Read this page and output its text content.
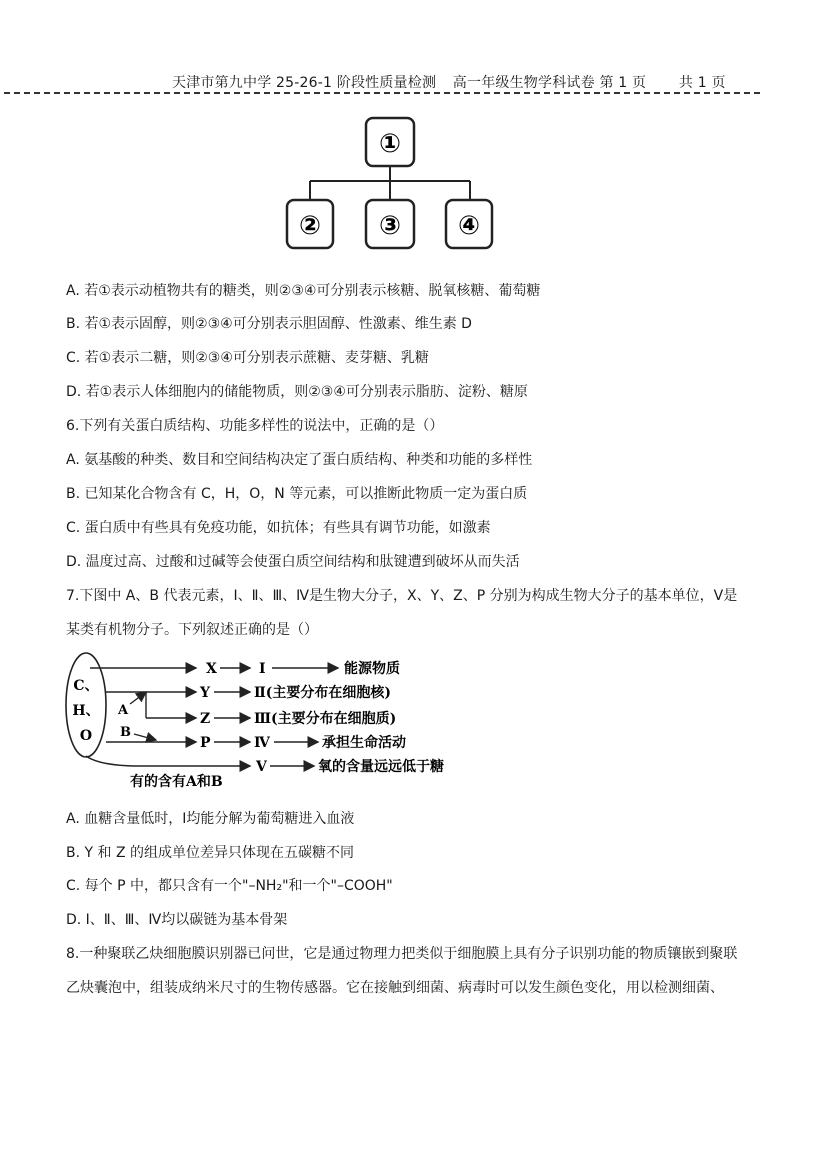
天津市第九中学 25-26-1 阶段性质量检测 高一年级生物学科试卷 第 1 页 共 1 页
①
② ③ ④
A. 若①表示动植物共有的糖类，则②③④可分别表示核糖、脱氧核糖、葡萄糖
B. 若①表示固醇，则②③④可分别表示胆固醇、性激素、维生素 D
C. 若①表示二糖，则②③④可分别表示蔗糖、麦芽糖、乳糖
D. 若①表示人体细胞内的储能物质，则②③④可分别表示脂肪、淀粉、糖原
6.下列有关蛋白质结构、功能多样性的说法中，正确的是（）
A. 氨基酸的种类、数目和空间结构决定了蛋白质结构、种类和功能的多样性
B. 已知某化合物含有 C，H，O，N 等元素，可以推断此物质一定为蛋白质
C. 蛋白质中有些具有免疫功能，如抗体；有些具有调节功能，如激素
D. 温度过高、过酸和过碱等会使蛋白质空间结构和肽键遭到破坏从而失活
7.下图中 A、B 代表元素，Ⅰ、Ⅱ、Ⅲ、Ⅳ是生物大分子，X、Y、Z、P 分别为构成生物大分子的基本单位，Ⅴ是
某类有机物分子。下列叙述正确的是（）
C、
H、
O
X	Ⅰ	能源物质
Y	Ⅱ(主要分布在细胞核)
A
Z	Ⅲ(主要分布在细胞质)
B
P	Ⅳ	承担生命活动
V	氧的含量远远低于糖
有的含有A和B
A. 血糖含量低时，Ⅰ均能分解为葡萄糖进入血液
B. Y 和 Z 的组成单位差异只体现在五碳糖不同
C. 每个 P 中，都只含有一个"–NH₂"和一个"–COOH"
D. Ⅰ、Ⅱ、Ⅲ、Ⅳ均以碳链为基本骨架
8.一种聚联乙炔细胞膜识别器已问世，它是通过物理力把类似于细胞膜上具有分子识别功能的物质镶嵌到聚联
乙炔囊泡中，组装成纳米尺寸的生物传感器。它在接触到细菌、病毒时可以发生颜色变化，用以检测细菌、
